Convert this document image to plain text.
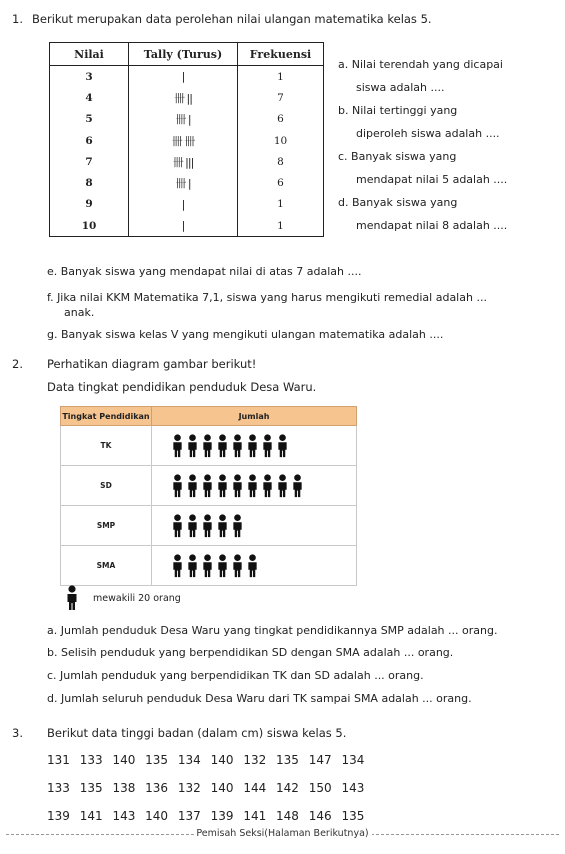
1. Berikut merupakan data perolehan nilai ulangan matematika kelas 5.
Nilai	Tally (Turus)	Frekuensi
3	|	1
4	卌 ||	7
5	卌 |	6
6	卌 卌	10
7	卌 |||	8
8	卌 |	6
9	|	1
10	|	1
a. Nilai terendah yang dicapai
siswa adalah ....
b. Nilai tertinggi yang
diperoleh siswa adalah ....
c. Banyak siswa yang
mendapat nilai 5 adalah ....
d. Banyak siswa yang
mendapat nilai 8 adalah ....
e. Banyak siswa yang mendapat nilai di atas 7 adalah ....
f. Jika nilai KKM Matematika 7,1, siswa yang harus mengikuti remedial adalah ...
anak.
g. Banyak siswa kelas V yang mengikuti ulangan matematika adalah ....
2. Perhatikan diagram gambar berikut!
Data tingkat pendidikan penduduk Desa Waru.
Tingkat Pendidikan	Jumlah
TK	

SD	

SMP	

SMA	
mewakili 20 orang
a. Jumlah penduduk Desa Waru yang tingkat pendidikannya SMP adalah ... orang.
b. Selisih penduduk yang berpendidikan SD dengan SMA adalah ... orang.
c. Jumlah penduduk yang berpendidikan TK dan SD adalah ... orang.
d. Jumlah seluruh penduduk Desa Waru dari TK sampai SMA adalah ... orang.
3. Berikut data tinggi badan (dalam cm) siswa kelas 5.
131 133 140 135 134 140 132 135 147 134
133 135 138 136 132 140 144 142 150 143
139 141 143 140 137 139 141 148 146 135
Pemisah Seksi(Halaman Berikutnya)
